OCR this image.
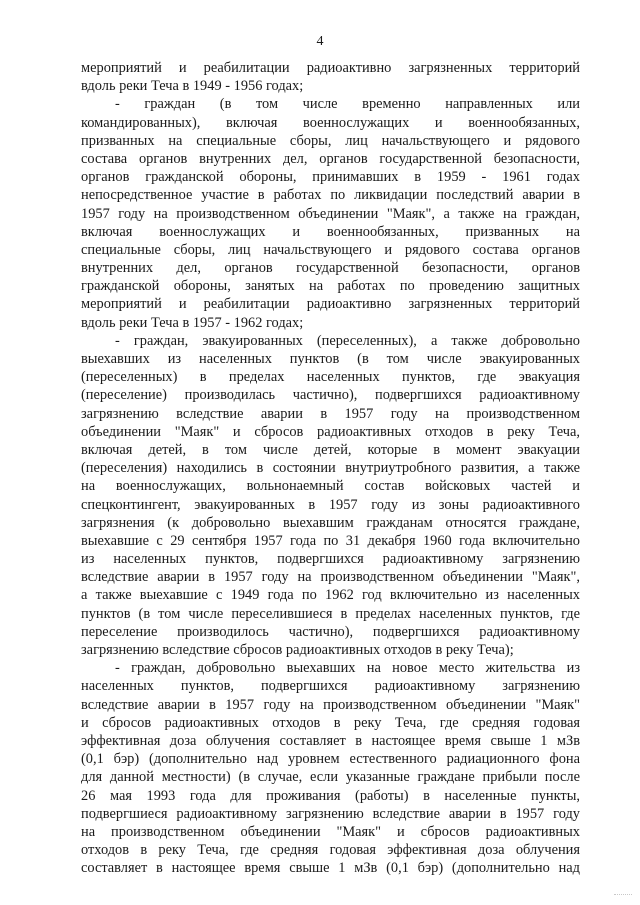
4
мероприятий и реабилитации радиоактивно загрязненных территорий
вдоль реки Теча в 1949 - 1956 годах;
- граждан (в том числе временно направленных или
командированных), включая военнослужащих и военнообязанных,
призванных на специальные сборы, лиц начальствующего и рядового
состава органов внутренних дел, органов государственной безопасности,
органов гражданской обороны, принимавших в 1959 - 1961 годах
непосредственное участие в работах по ликвидации последствий аварии в
1957 году на производственном объединении "Маяк", а также на граждан,
включая военнослужащих и военнообязанных, призванных на
специальные сборы, лиц начальствующего и рядового состава органов
внутренних дел, органов государственной безопасности, органов
гражданской обороны, занятых на работах по проведению защитных
мероприятий и реабилитации радиоактивно загрязненных территорий
вдоль реки Теча в 1957 - 1962 годах;
- граждан, эвакуированных (переселенных), а также добровольно
выехавших из населенных пунктов (в том числе эвакуированных
(переселенных) в пределах населенных пунктов, где эвакуация
(переселение) производилась частично), подвергшихся радиоактивному
загрязнению вследствие аварии в 1957 году на производственном
объединении "Маяк" и сбросов радиоактивных отходов в реку Теча,
включая детей, в том числе детей, которые в момент эвакуации
(переселения) находились в состоянии внутриутробного развития, а также
на военнослужащих, вольнонаемный состав войсковых частей и
спецконтингент, эвакуированных в 1957 году из зоны радиоактивного
загрязнения (к добровольно выехавшим гражданам относятся граждане,
выехавшие с 29 сентября 1957 года по 31 декабря 1960 года включительно
из населенных пунктов, подвергшихся радиоактивному загрязнению
вследствие аварии в 1957 году на производственном объединении "Маяк",
а также выехавшие с 1949 года по 1962 год включительно из населенных
пунктов (в том числе переселившиеся в пределах населенных пунктов, где
переселение производилось частично), подвергшихся радиоактивному
загрязнению вследствие сбросов радиоактивных отходов в реку Теча);
- граждан, добровольно выехавших на новое место жительства из
населенных пунктов, подвергшихся радиоактивному загрязнению
вследствие аварии в 1957 году на производственном объединении "Маяк"
и сбросов радиоактивных отходов в реку Теча, где средняя годовая
эффективная доза облучения составляет в настоящее время свыше 1 мЗв
(0,1 бэр) (дополнительно над уровнем естественного радиационного фона
для данной местности) (в случае, если указанные граждане прибыли после
26 мая 1993 года для проживания (работы) в населенные пункты,
подвергшиеся радиоактивному загрязнению вследствие аварии в 1957 году
на производственном объединении "Маяк" и сбросов радиоактивных
отходов в реку Теча, где средняя годовая эффективная доза облучения
составляет в настоящее время свыше 1 мЗв (0,1 бэр) (дополнительно над
